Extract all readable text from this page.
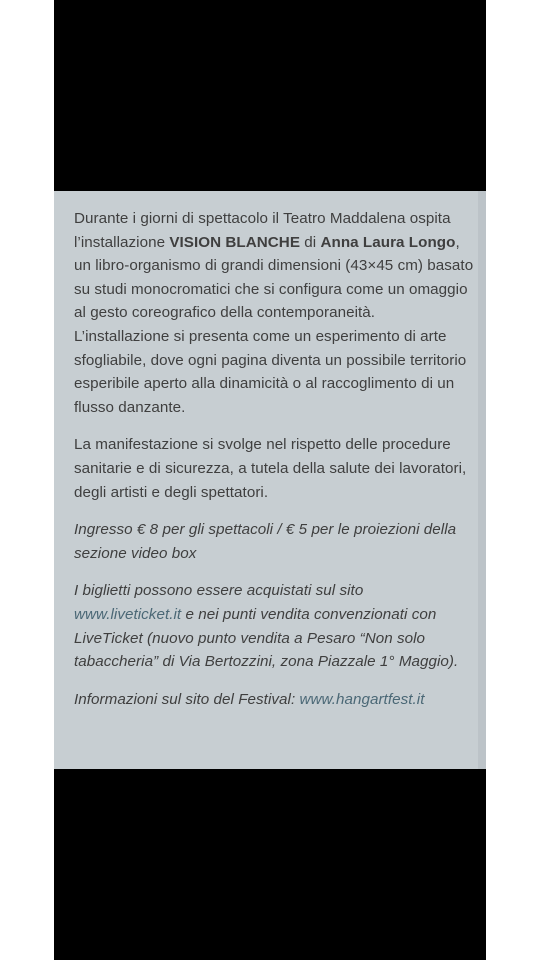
Durante i giorni di spettacolo il Teatro Maddalena ospita l’installazione VISION BLANCHE di Anna Laura Longo, un libro-organismo di grandi dimensioni (43×45 cm) basato su studi monocromatici che si configura come un omaggio al gesto coreografico della contemporaneità. L’installazione si presenta come un esperimento di arte sfogliabile, dove ogni pagina diventa un possibile territorio esperibile aperto alla dinamicità o al raccoglimento di un flusso danzante.

La manifestazione si svolge nel rispetto delle procedure sanitarie e di sicurezza, a tutela della salute dei lavoratori, degli artisti e degli spettatori.

Ingresso € 8 per gli spettacoli / € 5 per le proiezioni della sezione video box

I biglietti possono essere acquistati sul sito www.liveticket.it e nei punti vendita convenzionati con LiveTicket (nuovo punto vendita a Pesaro “Non solo tabaccheria” di Via Bertozzini, zona Piazzale 1° Maggio).

Informazioni sul sito del Festival: www.hangartfest.it
